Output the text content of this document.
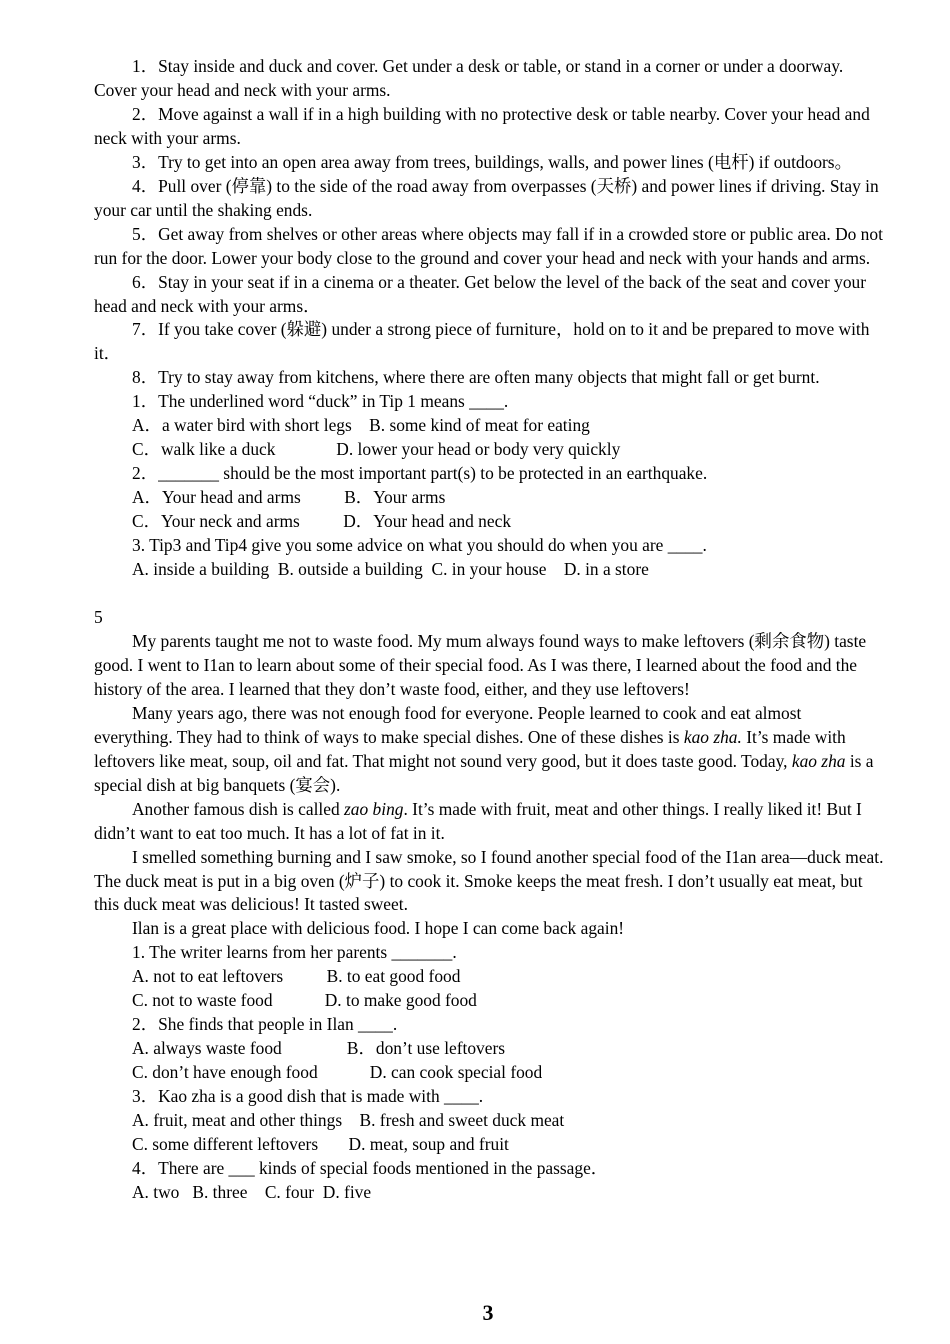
1．Stay inside and duck and cover. Get under a desk or table, or stand in a corner or under a doorway. Cover your head and neck with your arms.

2．Move against a wall if in a high building with no protective desk or table nearby. Cover your head and neck with your arms.

3．Try to get into an open area away from trees, buildings, walls, and power lines (电杆) if outdoors。

4．Pull over (停靠) to the side of the road away from overpasses (天桥) and power lines if driving. Stay in your car until the shaking ends.

5．Get away from shelves or other areas where objects may fall if in a crowded store or public area. Do not run for the door. Lower your body close to the ground and cover your head and neck with your hands and arms.

6．Stay in your seat if in a cinema or a theater. Get below the level of the back of the seat and cover your head and neck with your arms．

7．If you take cover (躲避) under a strong piece of furniture，hold on to it and be prepared to move with it．

8．Try to stay away from kitchens, where there are often many objects that might fall or get burnt.

1．The underlined word “duck” in Tip 1 means ____.

A．a water bird with short legs    B. some kind of meat for eating

C．walk like a duck              D. lower your head or body very quickly

2．_______ should be the most important part(s) to be protected in an earthquake.

A．Your head and arms          B．Your arms

C．Your neck and arms          D．Your head and neck

3. Tip3 and Tip4 give you some advice on what you should do when you are ____.

A. inside a building  B. outside a building  C. in your house    D. in a store

5

My parents taught me not to waste food. My mum always found ways to make leftovers (剩余食物) taste good. I went to I1an to learn about some of their special food. As I was there, I learned about the food and the history of the area. I learned that they don’t waste food, either, and they use leftovers!

Many years ago, there was not enough food for everyone. People learned to cook and eat almost everything. They had to think of ways to make special dishes. One of these dishes is kao zha. It’s made with leftovers like meat, soup, oil and fat. That might not sound very good, but it does taste good. Today, kao zha is a special dish at big banquets (宴会).

Another famous dish is called zao bing. It’s made with fruit, meat and other things. I really liked it! But I didn’t want to eat too much. It has a lot of fat in it.

I smelled something burning and I saw smoke, so I found another special food of the I1an area—duck meat. The duck meat is put in a big oven (炉子) to cook it. Smoke keeps the meat fresh. I don’t usually eat meat, but this duck meat was delicious! It tasted sweet.

Ilan is a great place with delicious food. I hope I can come back again!

1. The writer learns from her parents _______.

A. not to eat leftovers          B. to eat good food

C. not to waste food            D. to make good food

2．She finds that people in Ilan ____.

A. always waste food               B．don’t use leftovers

C. don’t have enough food            D. can cook special food

3．Kao zha is a good dish that is made with ____.

A. fruit, meat and other things    B. fresh and sweet duck meat

C. some different leftovers       D. meat, soup and fruit

4．There are ___ kinds of special foods mentioned in the passage．

A. two   B. three    C. four  D. five

3
